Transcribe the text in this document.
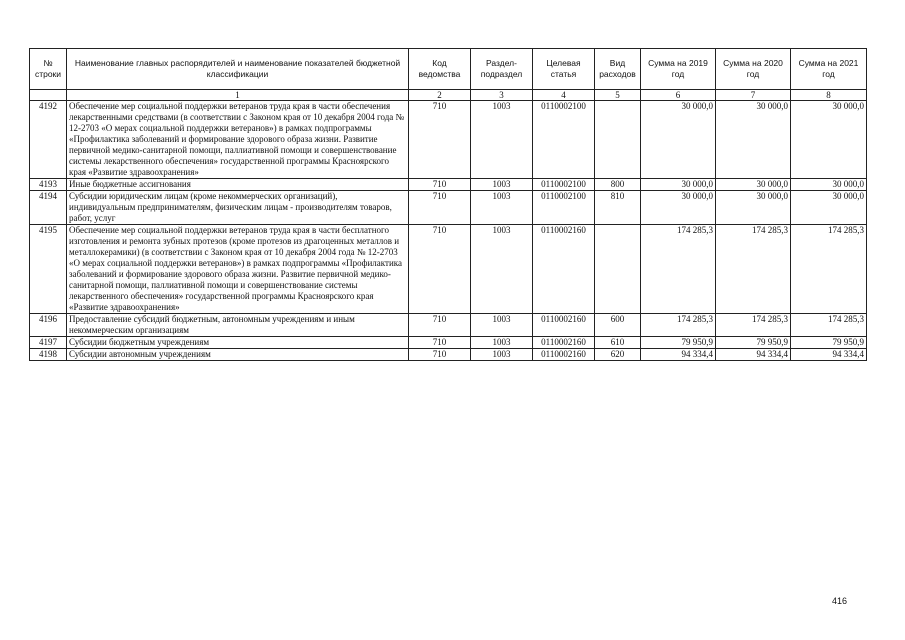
№ строки	Наименование главных распорядителей и наименование показателей бюджетной классификации	Код ведомства	Раздел-подраздел	Целевая статья	Вид расходов	Сумма на 2019 год	Сумма на 2020 год	Сумма на 2021 год
	1	2	3	4	5	6	7	8
4192	Обеспечение мер социальной поддержки ветеранов труда края в части обеспечения лекарственными средствами (в соответствии с Законом края от 10 декабря 2004 года № 12-2703 «О мерах социальной поддержки ветеранов») в рамках подпрограммы «Профилактика заболеваний и формирование здорового образа жизни. Развитие первичной медико-санитарной помощи, паллиативной помощи и совершенствование системы лекарственного обеспечения» государственной программы Красноярского края «Развитие здравоохранения»	710	1003	0110002100		30 000,0	30 000,0	30 000,0
4193	Иные бюджетные ассигнования	710	1003	0110002100	800	30 000,0	30 000,0	30 000,0
4194	Субсидии юридическим лицам (кроме некоммерческих организаций), индивидуальным предпринимателям, физическим лицам - производителям товаров, работ, услуг	710	1003	0110002100	810	30 000,0	30 000,0	30 000,0
4195	Обеспечение мер социальной поддержки ветеранов труда края в части бесплатного изготовления и ремонта зубных протезов (кроме протезов из драгоценных металлов и металлокерамики) (в соответствии с Законом края от 10 декабря 2004 года № 12-2703 «О мерах социальной поддержки ветеранов») в рамках подпрограммы «Профилактика заболеваний и формирование здорового образа жизни. Развитие первичной медико-санитарной помощи, паллиативной помощи и совершенствование системы лекарственного обеспечения» государственной программы Красноярского края «Развитие здравоохранения»	710	1003	0110002160		174 285,3	174 285,3	174 285,3
4196	Предоставление субсидий бюджетным, автономным учреждениям и иным некоммерческим организациям	710	1003	0110002160	600	174 285,3	174 285,3	174 285,3
4197	Субсидии бюджетным учреждениям	710	1003	0110002160	610	79 950,9	79 950,9	79 950,9
4198	Субсидии автономным учреждениям	710	1003	0110002160	620	94 334,4	94 334,4	94 334,4
416
